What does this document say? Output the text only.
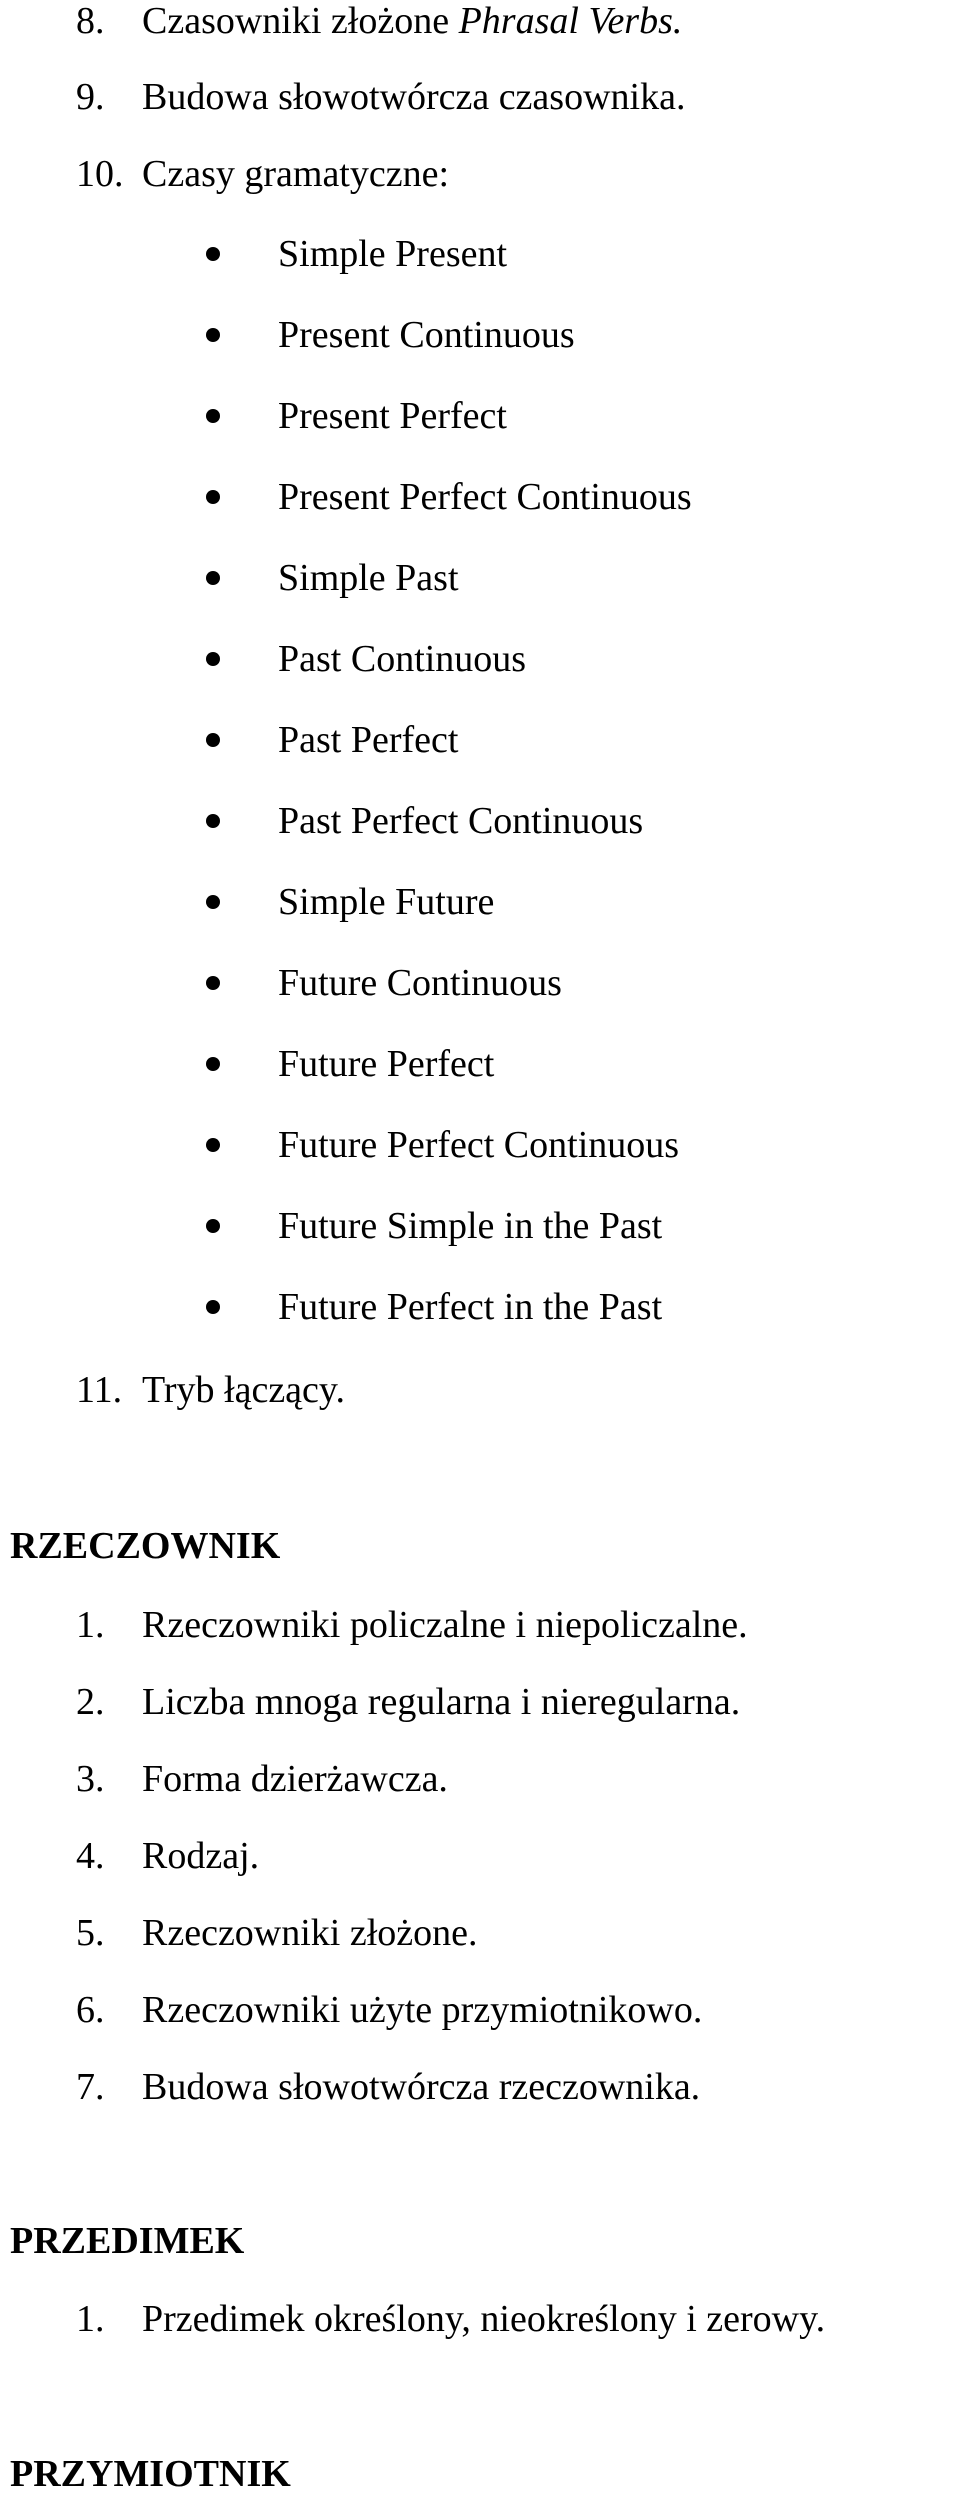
8. Czasowniki złożone Phrasal Verbs.
9. Budowa słowotwórcza czasownika.
10. Czasy gramatyczne:
Simple Present
Present Continuous
Present Perfect
Present Perfect Continuous
Simple Past
Past Continuous
Past Perfect
Past Perfect Continuous
Simple Future
Future Continuous
Future Perfect
Future Perfect Continuous
Future Simple in the Past
Future Perfect in the Past
11. Tryb łączący.
RZECZOWNIK
1. Rzeczowniki policzalne i niepoliczalne.
2. Liczba mnoga regularna i nieregularna.
3. Forma dzierżawcza.
4. Rodzaj.
5. Rzeczowniki złożone.
6. Rzeczowniki użyte przymiotnikowo.
7. Budowa słowotwórcza rzeczownika.
PRZEDIMEK
1. Przedimek określony, nieokreślony i zerowy.
PRZYMIOTNIK
